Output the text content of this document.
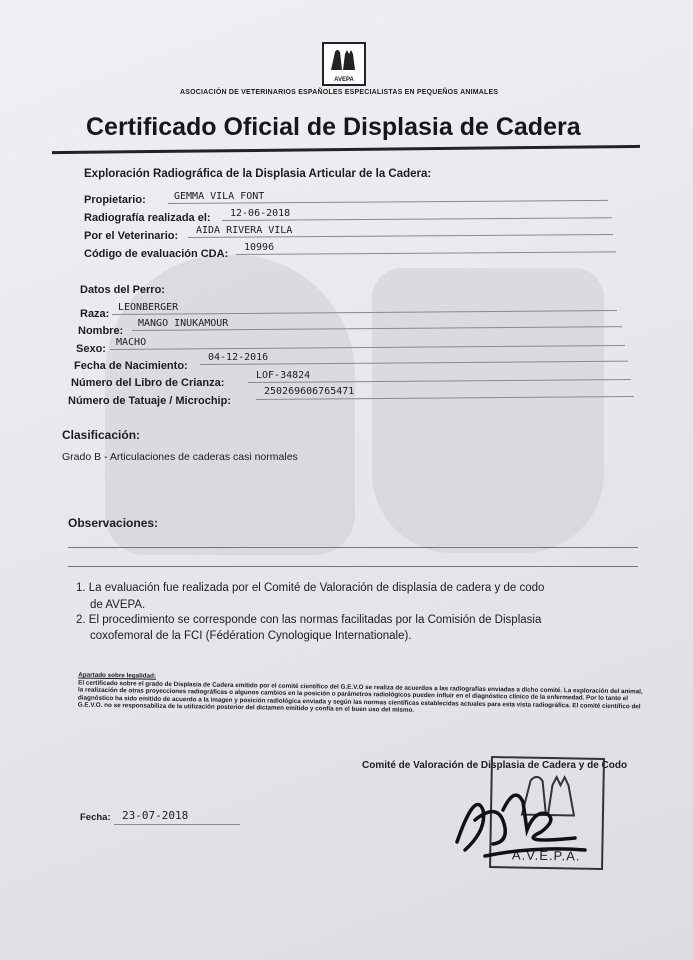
AVEPA
ASOCIACIÓN DE VETERINARIOS ESPAÑOLES ESPECIALISTAS EN PEQUEÑOS ANIMALES
Certificado Oficial de Displasia de Cadera
Exploración Radiográfica de la Displasia Articular de la Cadera:
Propietario:	GEMMA VILA FONT
Radiografía realizada el: 12-06-2018
Por el Veterinario: AIDA RIVERA VILA
Código de evaluación CDA:
10996
Datos del Perro:
Raza:
LEONBERGER
Nombre:
MANGO INUKAMOUR
Sexo:
MACHO
Fecha de Nacimiento:
04-12-2016
Número del Libro de Crianza:
LOF-34824
Número de Tatuaje / Microchip:
250269606765471
Clasificación:
Grado B - Articulaciones de caderas casi normales
Observaciones:
1. La evaluación fue realizada por el Comité de Valoración de displasia de cadera y de codo
de AVEPA.
2. El procedimiento se corresponde con las normas facilitadas por la Comisión de Displasia
coxofemoral de la FCI (Fédération Cynologique Internationale).
Apartado sobre legalidad:
El certificado sobre el grado de Displasia de Cadera emitido por el comité científico del G.E.V.O se realiza de acuerdos a las radiografías enviadas a dicho comité. La exploración del animal, la realización de otras proyecciones radiográficas o algunos cambios en la posición o parámetros radiológicos pueden influir en el diagnóstico clínico de la enfermedad. Por lo tanto el diagnóstico ha sido emitido de acuerdo a la imagen y posición radiológica enviada y según las normas científicas establecidas actuales para esta vista radiográfica. El comité científico del G.E.V.O. no se responsabiliza de la utilización posterior del dictamen emitido y confía en el buen uso del mismo.
Comité de Valoración de Displasia de Cadera y de Codo
Fecha: 23-07-2018
A.V.E.P.A.
